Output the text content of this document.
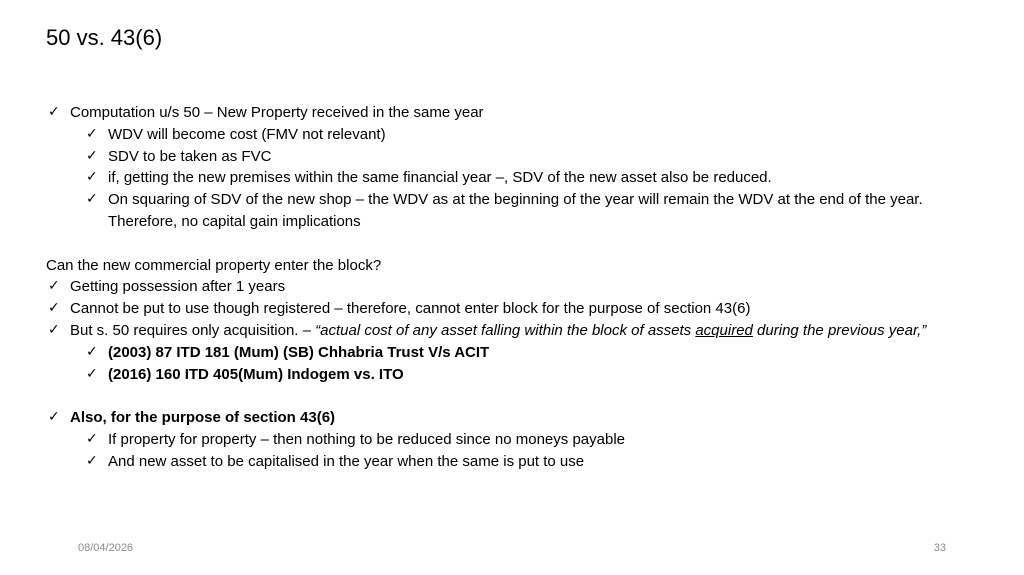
50 vs. 43(6)
✓ Computation u/s 50 – New Property received in the same year
✓ WDV will become cost (FMV not relevant)
✓ SDV to be taken as FVC
✓ if, getting the new premises within the same financial year –, SDV of the new asset also be reduced.
✓ On squaring of SDV of the new shop – the WDV as at the beginning of the year will remain the WDV at the end of the year. Therefore, no capital gain implications
Can the new commercial property enter the block?
✓ Getting possession after 1 years
✓ Cannot be put to use though registered – therefore, cannot enter block for the purpose of section 43(6)
✓ But s. 50 requires only acquisition. – “actual cost of any asset falling within the block of assets acquired during the previous year,”
✓ (2003) 87 ITD 181 (Mum) (SB) Chhabria Trust V/s ACIT
✓ (2016) 160 ITD 405(Mum) Indogem vs. ITO
✓ Also, for the purpose of section 43(6)
✓ If property for property – then nothing to be reduced since no moneys payable
✓ And new asset to be capitalised in the year when the same is put to use
08/04/2026	33
